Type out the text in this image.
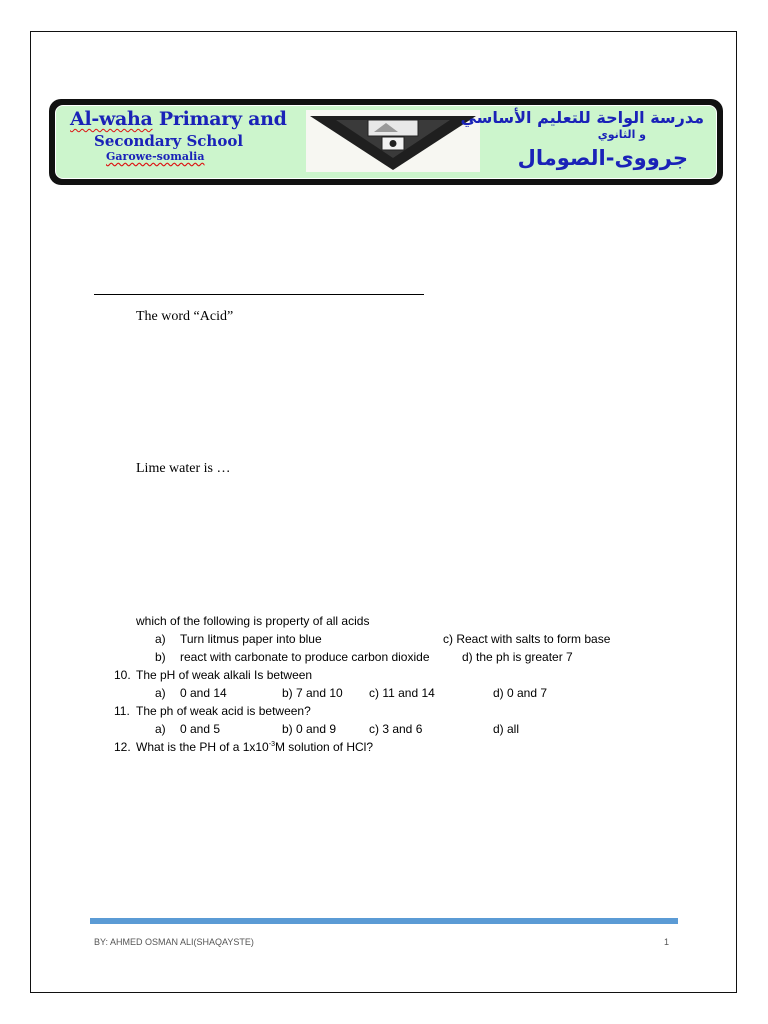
Al-waha Primary and
Secondary School
Garowe-somalia
مدرسة الواحة للتعليم الأساسي
و الثانوي
جرووى-الصومال
The word “Acid”
Lime water is …
which of the following is property of all acids
a) Turn litmus paper into blue	c) React with salts to form base
b) react with carbonate to produce carbon dioxide	d) the ph is greater 7
10. The pH of weak alkali Is between
a) 0 and 14	b) 7 and 10 c) 11 and 14	d) 0 and 7
11. The ph of weak acid is between?
a) 0 and 5	b) 0 and 9	c) 3 and 6	d) all
12. What is the PH of a $1x10^{-3}M$ solution of HCl?
BY: AHMED OSMAN ALI(SHAQAYSTE)	1
